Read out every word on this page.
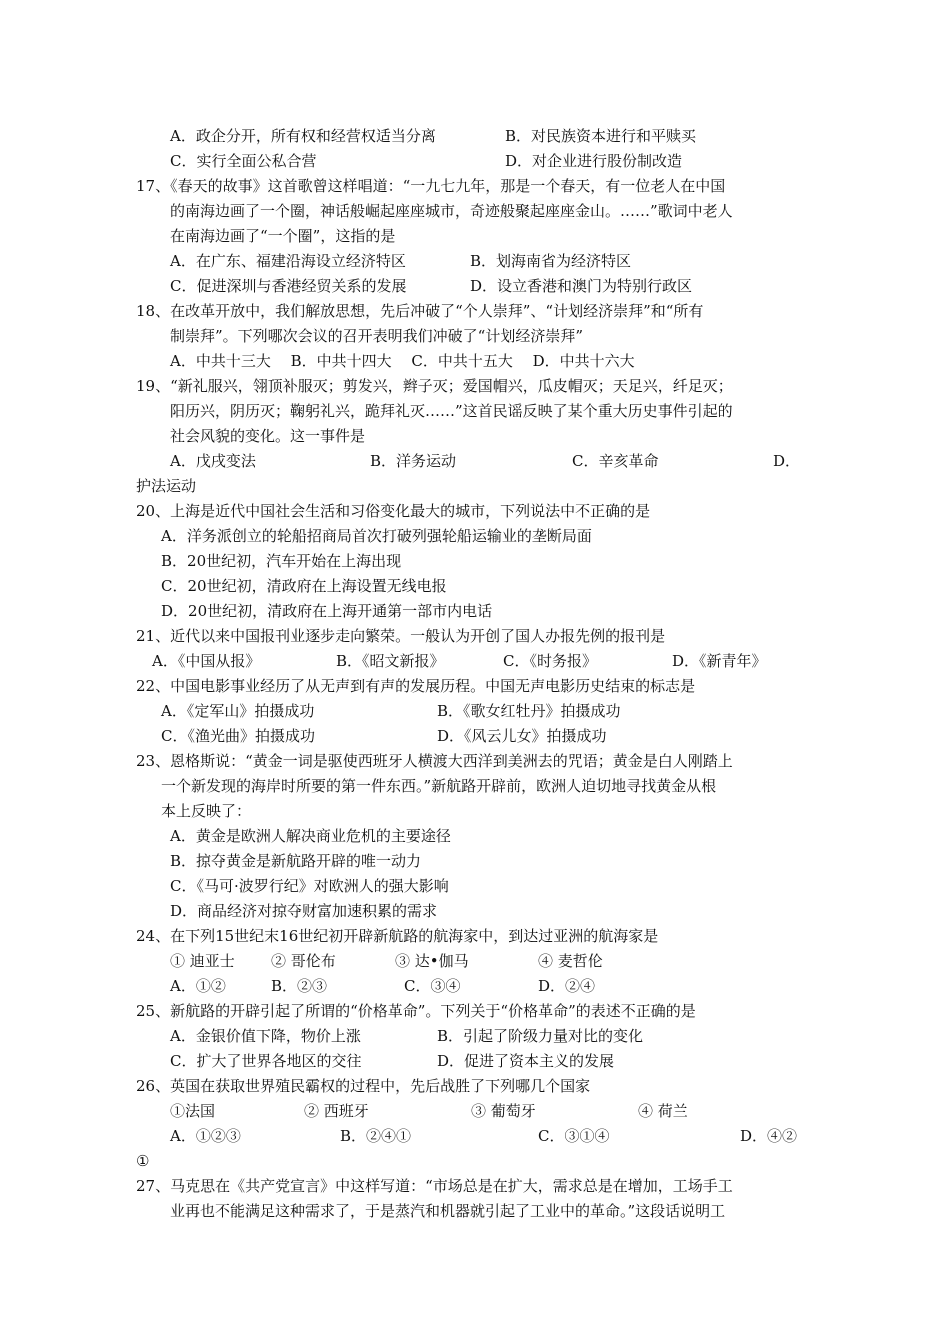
A．政企分开，所有权和经营权适当分离	B．对民族资本进行和平赎买
C．实行全面公私合营	D．对企业进行股份制改造
17、《春天的故事》这首歌曾这样唱道：“一九七九年，那是一个春天，有一位老人在中国
的南海边画了一个圈，神话般崛起座座城市，奇迹般聚起座座金山。……”歌词中老人
在南海边画了“一个圈”，这指的是
A．在广东、福建沿海设立经济特区	B．划海南省为经济特区
C．促进深圳与香港经贸关系的发展	D．设立香港和澳门为特别行政区
18、在改革开放中，我们解放思想，先后冲破了“个人崇拜”、“计划经济崇拜”和“所有
制崇拜”。下列哪次会议的召开表明我们冲破了“计划经济崇拜”
A．中共十三大　 B．中共十四大　 C．中共十五大　 D．中共十六大
19、“新礼服兴，翎顶补服灭；剪发兴，辫子灭；爱国帽兴，瓜皮帽灭；天足兴，纤足灭；
阳历兴，阴历灭；鞠躬礼兴，跪拜礼灭……”这首民谣反映了某个重大历史事件引起的
社会风貌的变化。这一事件是
A．戊戌变法	B．洋务运动	C．辛亥革命	D．
护法运动
20、上海是近代中国社会生活和习俗变化最大的城市，下列说法中不正确的是
A．洋务派创立的轮船招商局首次打破列强轮船运输业的垄断局面
B．20世纪初，汽车开始在上海出现
C．20世纪初，清政府在上海设置无线电报
D．20世纪初，清政府在上海开通第一部市内电话
21、近代以来中国报刊业逐步走向繁荣。一般认为开创了国人办报先例的报刊是
A．《中国从报》	B．《昭文新报》	C．《时务报》	D．《新青年》
22、中国电影事业经历了从无声到有声的发展历程。中国无声电影历史结束的标志是
A．《定军山》拍摄成功	B．《歌女红牡丹》拍摄成功
C．《渔光曲》拍摄成功	D．《风云儿女》拍摄成功
23、恩格斯说：“黄金一词是驱使西班牙人横渡大西洋到美洲去的咒语；黄金是白人刚踏上
一个新发现的海岸时所要的第一件东西。”新航路开辟前，欧洲人迫切地寻找黄金从根
本上反映了：
A．黄金是欧洲人解决商业危机的主要途径
B．掠夺黄金是新航路开辟的唯一动力
C．《马可·波罗行纪》对欧洲人的强大影响
D．商品经济对掠夺财富加速积累的需求
24、在下列15世纪末16世纪初开辟新航路的航海家中，到达过亚洲的航海家是
① 迪亚士 ② 哥伦布	③ 达•伽马	④ 麦哲伦
A．①②	B．②③	C．③④	D．②④
25、新航路的开辟引起了所谓的“价格革命”。下列关于“价格革命”的表述不正确的是
A．金银价值下降，物价上涨	B．引起了阶级力量对比的变化
C．扩大了世界各地区的交往	D．促进了资本主义的发展
26、英国在获取世界殖民霸权的过程中，先后战胜了下列哪几个国家
①法国	② 西班牙	③ 葡萄牙	④ 荷兰
A．①②③	B．②④①	C．③①④	D．④②
①
27、马克思在《共产党宣言》中这样写道：“市场总是在扩大，需求总是在增加，工场手工
业再也不能满足这种需求了，于是蒸汽和机器就引起了工业中的革命。”这段话说明工
